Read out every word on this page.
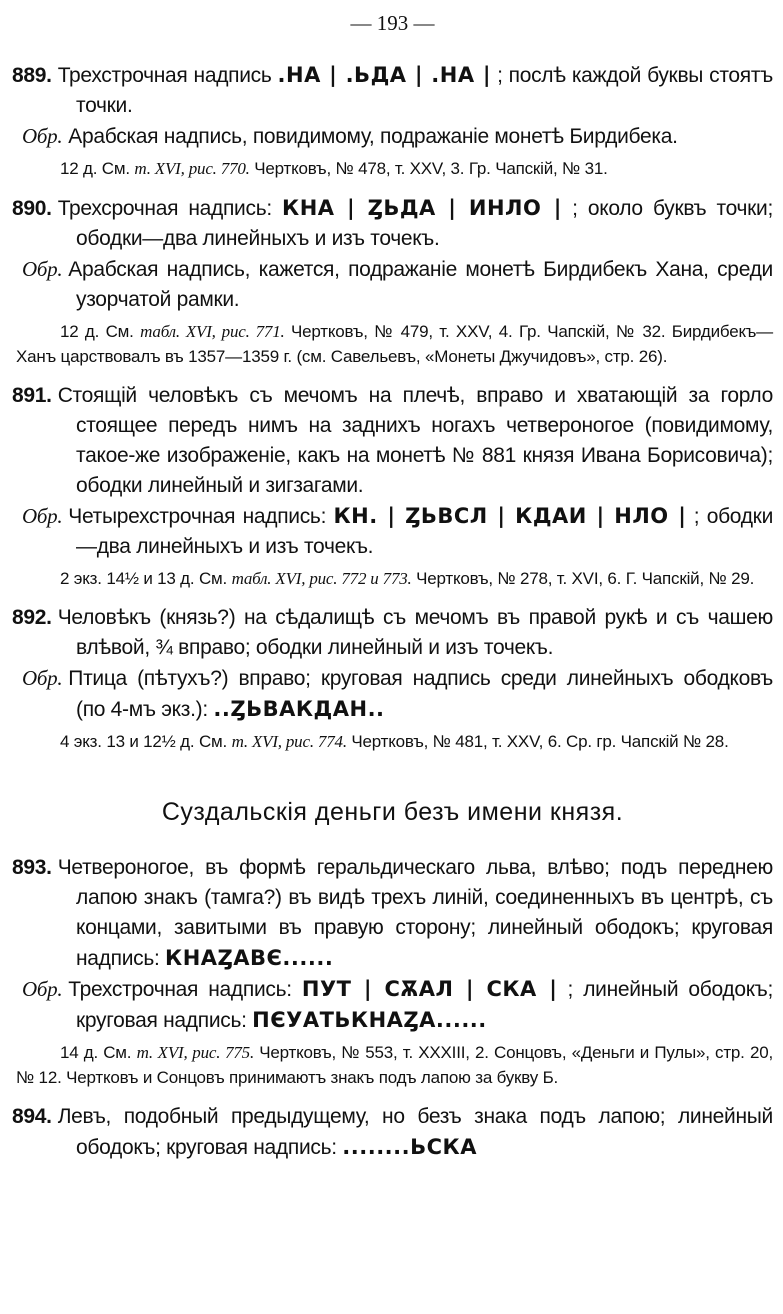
— 193 —
889. Трехстрочная надпись .НА | .ЬДА | .НА | ; послѣ каждой буквы стоятъ точки.
Обр. Арабская надпись, повидимому, подражаніе монетѣ Бирдибека.
12 д. См. т. XVI, рис. 770. Чертковъ, № 478, т. XXV, 3. Гр. Чапскій, № 31.
890. Трехсрочная надпись: КНА | ȤЬДА | ИНЛО | ; около буквъ точки; ободки—два линейныхъ и изъ точекъ.
Обр. Арабская надпись, кажется, подражаніе монетѣ Бирдибекъ Хана, среди узорчатой рамки.
12 д. См. табл. XVI, рис. 771. Чертковъ, № 479, т. XXV, 4. Гр. Чапскій, № 32. Бирдибекъ—Ханъ царствовалъ въ 1357—1359 г. (см. Савельевъ, «Монеты Джучидовъ», стр. 26).
891. Стоящій человѣкъ съ мечомъ на плечѣ, вправо и хватающій за горло стоящее передъ нимъ на заднихъ ногахъ четвероногое (повидимому, такое-же изображеніе, какъ на монетѣ № 881 князя Ивана Борисовича); ободки линейный и зигзагами.
Обр. Четырехстрочная надпись: КН. | ȤЬВСЛ | КДАИ | НЛО | ; ободки—два линейныхъ и изъ точекъ.
2 экз. 14½ и 13 д. См. табл. XVI, рис. 772 и 773. Чертковъ, № 278, т. XVI, 6. Г. Чапскій, № 29.
892. Человѣкъ (князь?) на сѣдалищѣ съ мечомъ въ правой рукѣ и съ чашею влѣвой, ¾ вправо; ободки линейный и изъ точекъ.
Обр. Птица (пѣтухъ?) вправо; круговая надпись среди линейныхъ ободковъ (по 4-мъ экз.): ..ȤЬВАКДАН..
4 экз. 13 и 12½ д. См. т. XVI, рис. 774. Чертковъ, № 481, т. XXV, 6. Ср. гр. Чапскій № 28.
Суздальскія деньги безъ имени князя.
893. Четвероногое, въ формѣ геральдическаго льва, влѣво; подъ переднею лапою знакъ (тамга?) въ видѣ трехъ линій, соединенныхъ въ центрѣ, съ концами, завитыми въ правую сторону; линейный ободокъ; круговая надпись: КНАȤАВЄ......
Обр. Трехстрочная надпись: ПУТ | СѪАЛ | СКА | ; линейный ободокъ; круговая надпись: ПЄУАТЬКНАȤА......
14 д. См. т. XVI, рис. 775. Чертковъ, № 553, т. XXXIII, 2. Сонцовъ, «Деньги и Пулы», стр. 20, № 12. Чертковъ и Сонцовъ принимаютъ знакъ подъ лапою за букву Б.
894. Левъ, подобный предыдущему, но безъ знака подъ лапою; линейный ободокъ; круговая надпись: ........ЬСКА
